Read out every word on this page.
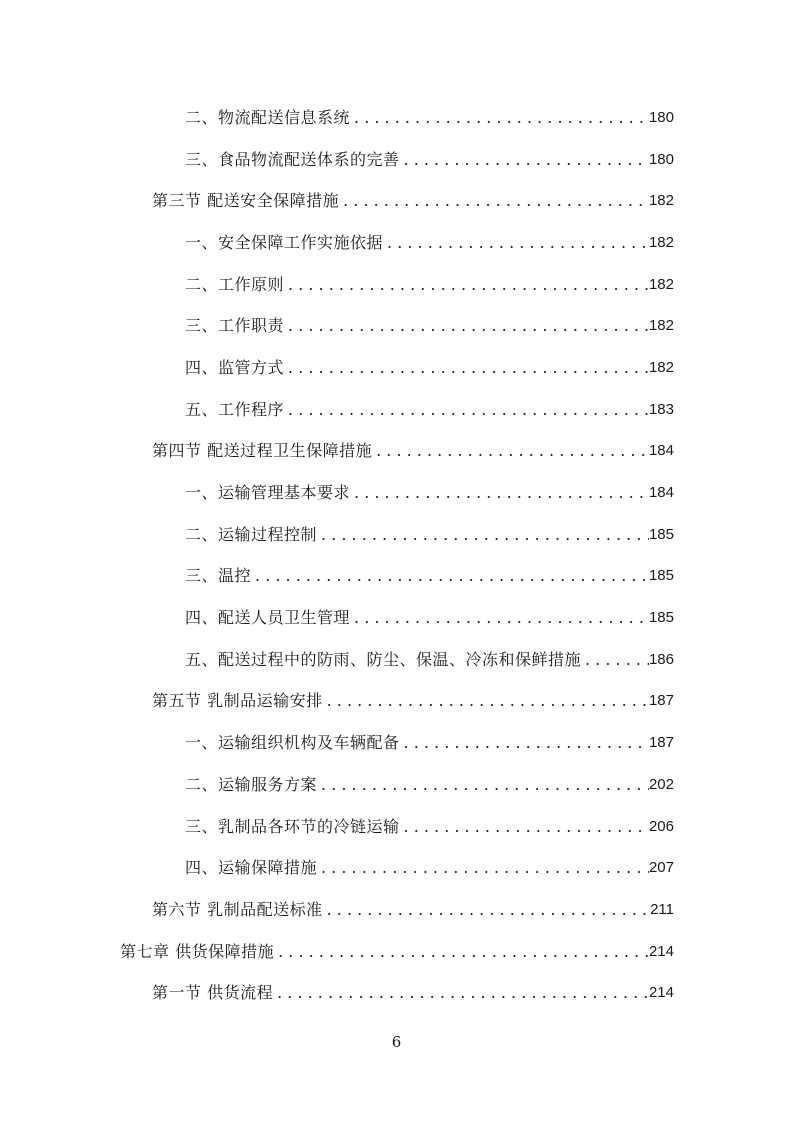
二、物流配送信息系统 . . .	180
三、食品物流配送体系的完善 . . .	180
第三节 配送安全保障措施 . . .	182
一、安全保障工作实施依据 . . .	182
二、工作原则 . . .	182
三、工作职责 . . .	182
四、监管方式 . . .	182
五、工作程序 . . .	183
第四节 配送过程卫生保障措施 . . .	184
一、运输管理基本要求 . . .	184
二、运输过程控制 . . .	185
三、温控 . . .	185
四、配送人员卫生管理 . . .	185
五、配送过程中的防雨、防尘、保温、冷冻和保鲜措施 . . .	186
第五节 乳制品运输安排 . . .	187
一、运输组织机构及车辆配备 . . .	187
二、运输服务方案 . . .	202
三、乳制品各环节的冷链运输 . . .	206
四、运输保障措施 . . .	207
第六节 乳制品配送标准 . . .	211
第七章 供货保障措施 . . .	214
第一节 供货流程 . . .	214
6
